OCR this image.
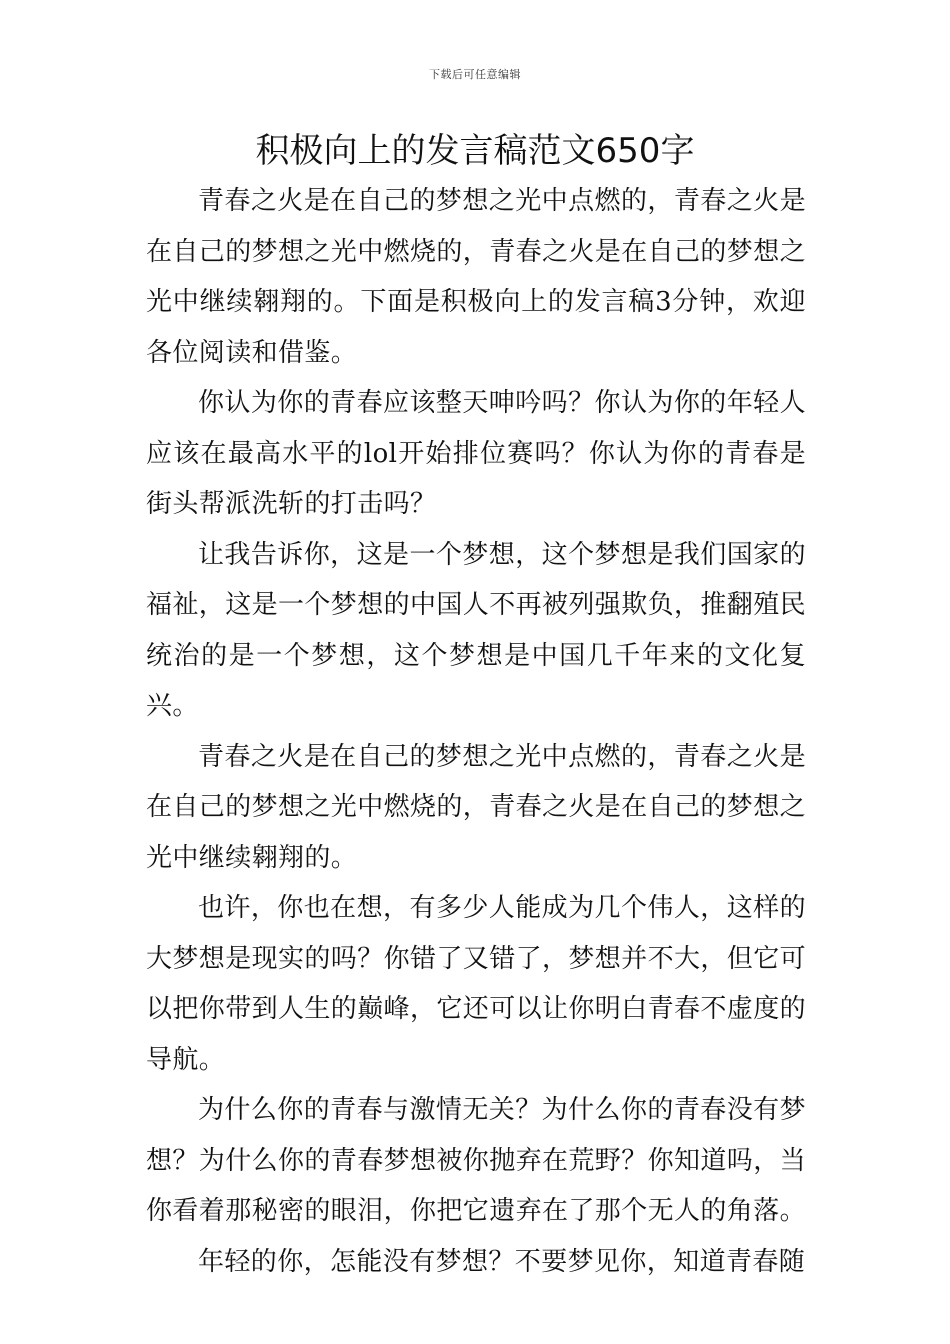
下载后可任意编辑
积极向上的发言稿范文650字

青春之火是在自己的梦想之光中点燃的，青春之火是在自己的梦想之光中燃烧的，青春之火是在自己的梦想之光中继续翱翔的。下面是积极向上的发言稿3分钟，欢迎各位阅读和借鉴。

你认为你的青春应该整天呻吟吗？你认为你的年轻人应该在最高水平的lol开始排位赛吗？你认为你的青春是街头帮派洗斩的打击吗？

让我告诉你，这是一个梦想，这个梦想是我们国家的福祉，这是一个梦想的中国人不再被列强欺负，推翻殖民统治的是一个梦想，这个梦想是中国几千年来的文化复兴。

青春之火是在自己的梦想之光中点燃的，青春之火是在自己的梦想之光中燃烧的，青春之火是在自己的梦想之光中继续翱翔的。

也许，你也在想，有多少人能成为几个伟人，这样的大梦想是现实的吗？你错了又错了，梦想并不大，但它可以把你带到人生的巅峰，它还可以让你明白青春不虚度的导航。

为什么你的青春与激情无关？为什么你的青春没有梦想？为什么你的青春梦想被你抛弃在荒野？你知道吗，当你看着那秘密的眼泪，你把它遗弃在了那个无人的角落。

年轻的你，怎能没有梦想？不要梦见你，知道青春随
